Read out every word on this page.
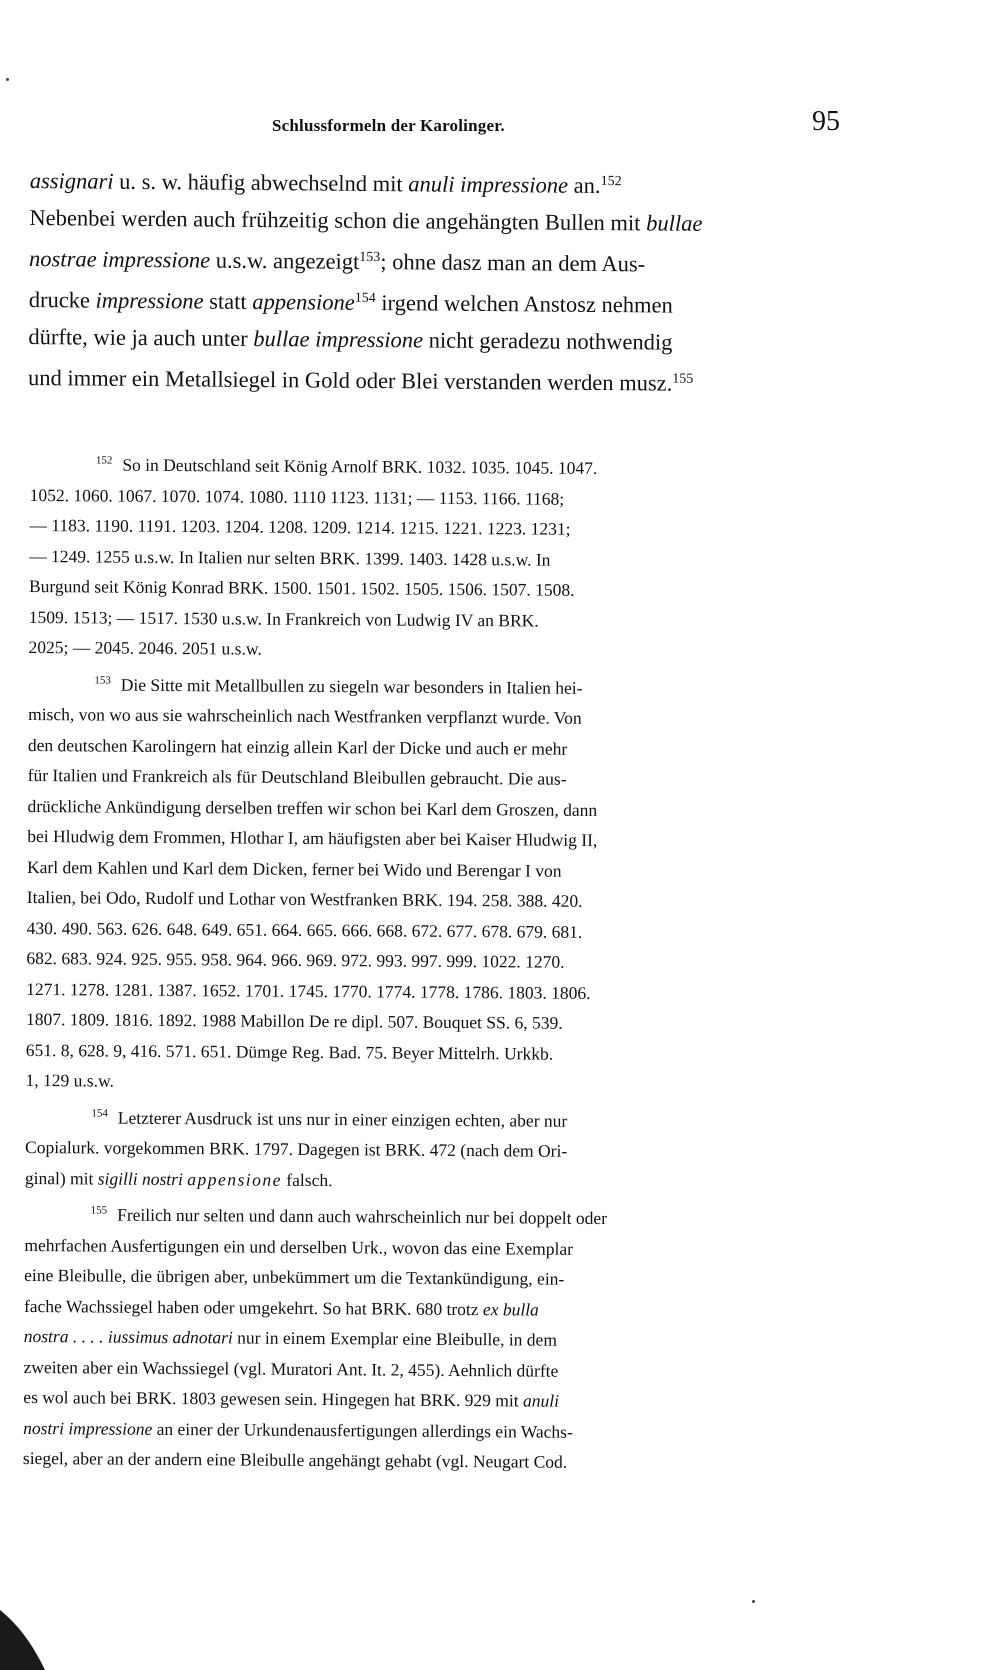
Schlussformeln der Karolinger.	95
assignari u. s. w. häufig abwechselnd mit anuli impressione an.$^{152}$
Nebenbei werden auch frühzeitig schon die angehängten Bullen mit bullae
nostrae impressione u.s.w. angezeigt$^{153}$; ohne dasz man an dem Aus-
drucke impressione statt appensione$^{154}$ irgend welchen Anstosz nehmen
dürfte, wie ja auch unter bullae impressione nicht geradezu nothwendig
und immer ein Metallsiegel in Gold oder Blei verstanden werden musz.$^{155}$
$^{152}$ So in Deutschland seit König Arnolf BRK. 1032. 1035. 1045. 1047.
1052. 1060. 1067. 1070. 1074. 1080. 1110 1123. 1131; — 1153. 1166. 1168;
— 1183. 1190. 1191. 1203. 1204. 1208. 1209. 1214. 1215. 1221. 1223. 1231;
— 1249. 1255 u.s.w. In Italien nur selten BRK. 1399. 1403. 1428 u.s.w. In
Burgund seit König Konrad BRK. 1500. 1501. 1502. 1505. 1506. 1507. 1508.
1509. 1513; — 1517. 1530 u.s.w. In Frankreich von Ludwig IV an BRK.
2025; — 2045. 2046. 2051 u.s.w.
$^{153}$ Die Sitte mit Metallbullen zu siegeln war besonders in Italien hei-
misch, von wo aus sie wahrscheinlich nach Westfranken verpflanzt wurde. Von
den deutschen Karolingern hat einzig allein Karl der Dicke und auch er mehr
für Italien und Frankreich als für Deutschland Bleibullen gebraucht. Die aus-
drückliche Ankündigung derselben treffen wir schon bei Karl dem Groszen, dann
bei Hludwig dem Frommen, Hlothar I, am häufigsten aber bei Kaiser Hludwig II,
Karl dem Kahlen und Karl dem Dicken, ferner bei Wido und Berengar I von
Italien, bei Odo, Rudolf und Lothar von Westfranken BRK. 194. 258. 388. 420.
430. 490. 563. 626. 648. 649. 651. 664. 665. 666. 668. 672. 677. 678. 679. 681.
682. 683. 924. 925. 955. 958. 964. 966. 969. 972. 993. 997. 999. 1022. 1270.
1271. 1278. 1281. 1387. 1652. 1701. 1745. 1770. 1774. 1778. 1786. 1803. 1806.
1807. 1809. 1816. 1892. 1988 Mabillon De re dipl. 507. Bouquet SS. 6, 539.
651. 8, 628. 9, 416. 571. 651. Dümge Reg. Bad. 75. Beyer Mittelrh. Urkkb.
1, 129 u.s.w.
$^{154}$ Letzterer Ausdruck ist uns nur in einer einzigen echten, aber nur
Copialurk. vorgekommen BRK. 1797. Dagegen ist BRK. 472 (nach dem Ori-
ginal) mit sigilli nostri appensione falsch.
$^{155}$ Freilich nur selten und dann auch wahrscheinlich nur bei doppelt oder
mehrfachen Ausfertigungen ein und derselben Urk., wovon das eine Exemplar
eine Bleibulle, die übrigen aber, unbekümmert um die Textankündigung, ein-
fache Wachssiegel haben oder umgekehrt. So hat BRK. 680 trotz ex bulla
nostra . . . . iussimus adnotari nur in einem Exemplar eine Bleibulle, in dem
zweiten aber ein Wachssiegel (vgl. Muratori Ant. It. 2, 455). Aehnlich dürfte
es wol auch bei BRK. 1803 gewesen sein. Hingegen hat BRK. 929 mit anuli
nostri impressione an einer der Urkundenausfertigungen allerdings ein Wachs-
siegel, aber an der andern eine Bleibulle angehängt gehabt (vgl. Neugart Cod.
